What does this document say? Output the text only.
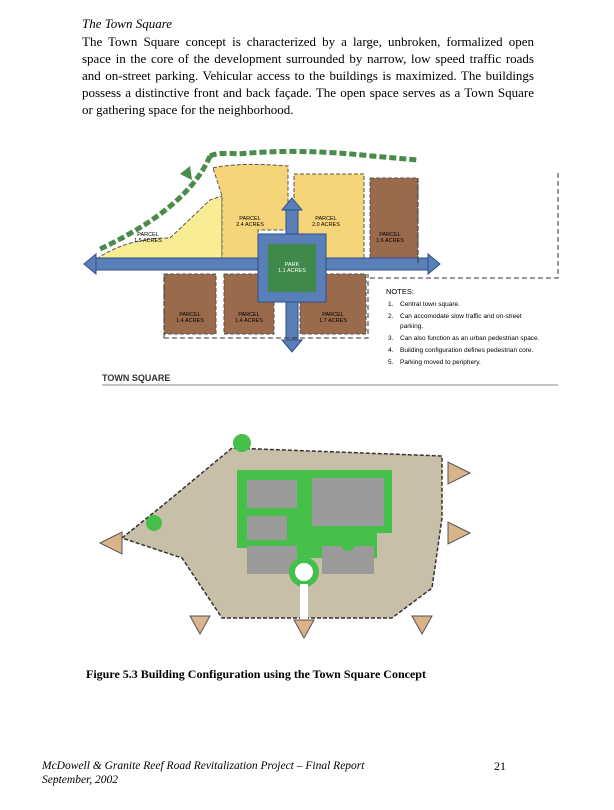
The Town Square

The Town Square concept is characterized by a large, unbroken, formalized open space in the core of the development surrounded by narrow, low speed traffic roads and on-street parking. Vehicular access to the buildings is maximized. The buildings possess a distinctive front and back façade. The open space serves as a Town Square or gathering space for the neighborhood.

PARCEL
1.5 ACRES
PARCEL
2.4 ACRES
PARCEL
2.0 ACRES
PARCEL
1.6 ACRES
PARCEL
1.4 ACRES
PARCEL
1.4 ACRES
PARCEL
1.7 ACRES
PARK
1.1 ACRES
NOTES:
1. Central town square.
2. Can accomodate slow traffic and on-street
parking.
3. Can also function as an urban pedestrian space.
4. Building configuration defines pedestrian core.
5. Parking moved to periphery.
TOWN SQUARE
Figure 5.3 Building Configuration using the Town Square Concept
McDowell & Granite Reef Road Revitalization Project – Final Report
September, 2002
21
